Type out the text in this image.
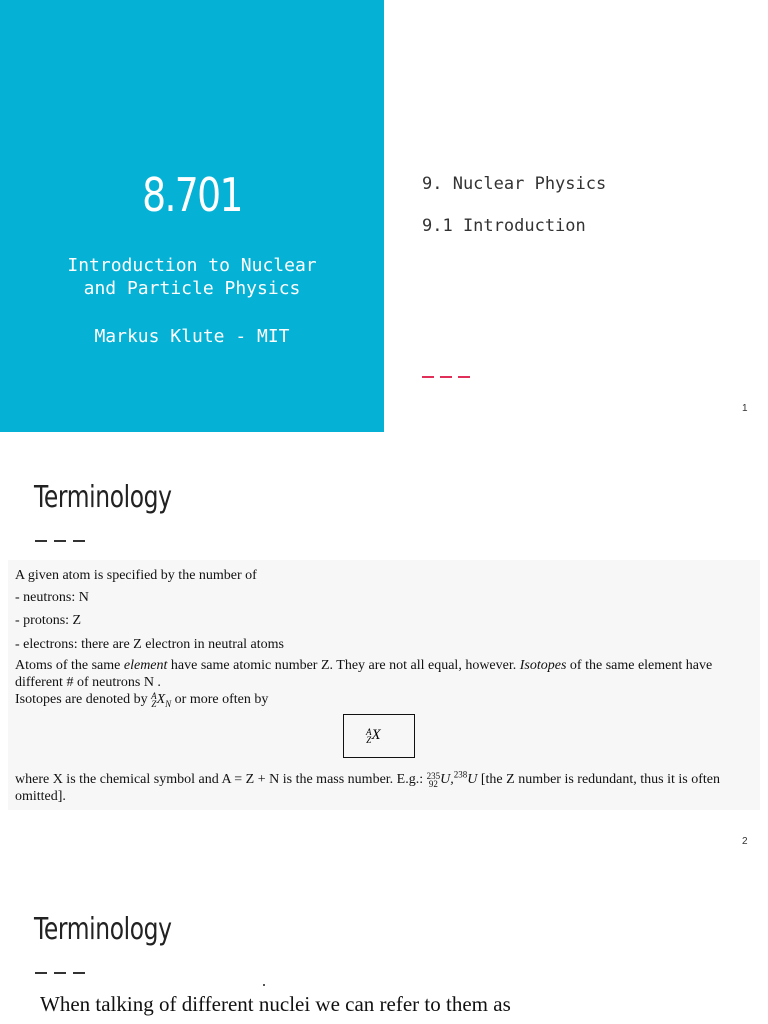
8.701
Introduction to Nuclear
and Particle Physics
Markus Klute - MIT
9. Nuclear Physics
9.1 Introduction
1
Terminology
A given atom is specified by the number of
- neutrons: N
- protons: Z
- electrons: there are Z electron in neutral atoms
Atoms of the same element have same atomic number Z. They are not all equal, however. Isotopes of the same element have different # of neutrons N .
Isotopes are denoted by A
$ZX_N$ or more often by
A
ZX
where X is the chemical symbol and A = Z + N is the mass number. E.g.: 235
92 U,$^{238}$U [the Z number is redundant, thus it is often omitted].
2
Terminology
When talking of different nuclei we can refer to them as
